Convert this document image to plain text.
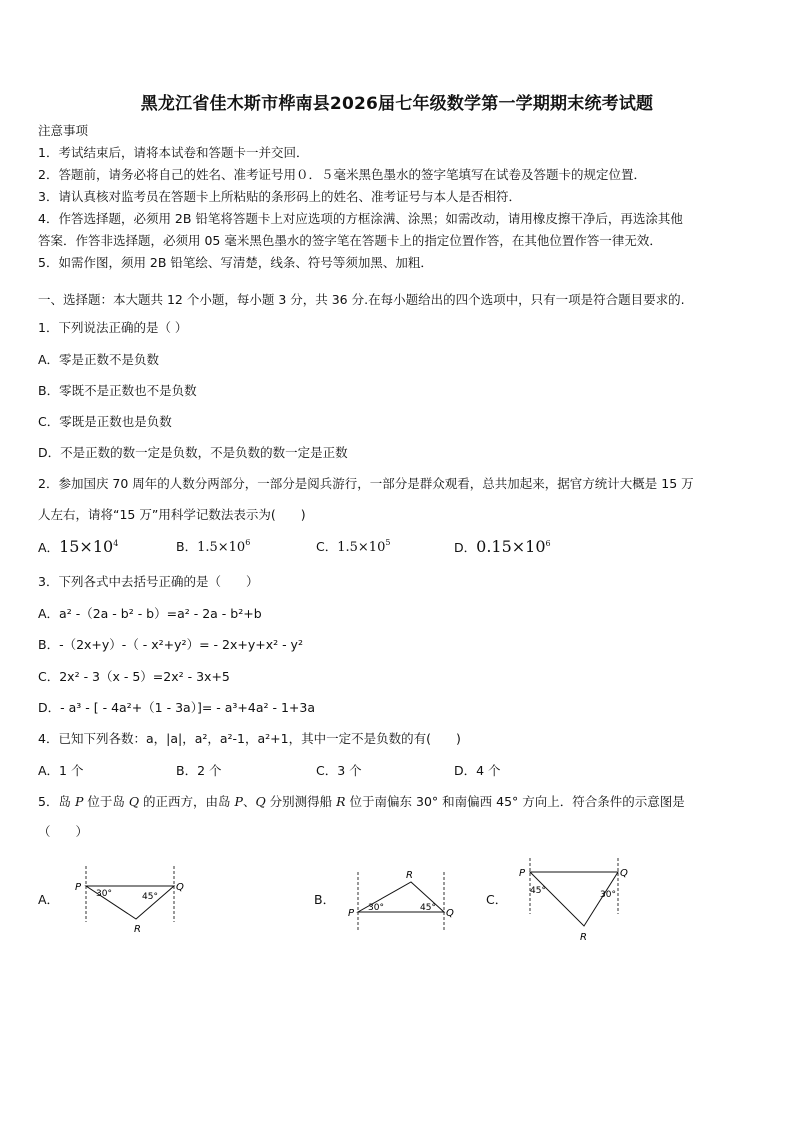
黑龙江省佳木斯市桦南县2026届七年级数学第一学期期末统考试题
注意事项
1．考试结束后，请将本试卷和答题卡一并交回．
2．答题前，请务必将自己的姓名、准考证号用０．５毫米黑色墨水的签字笔填写在试卷及答题卡的规定位置．
3．请认真核对监考员在答题卡上所粘贴的条形码上的姓名、准考证号与本人是否相符．
4．作答选择题，必须用 2B 铅笔将答题卡上对应选项的方框涂满、涂黑；如需改动，请用橡皮擦干净后，再选涂其他
答案．作答非选择题，必须用 05 毫米黑色墨水的签字笔在答题卡上的指定位置作答，在其他位置作答一律无效．
5．如需作图，须用 2B 铅笔绘、写清楚，线条、符号等须加黑、加粗．
一、选择题：本大题共 12 个小题，每小题 3 分，共 36 分.在每小题给出的四个选项中，只有一项是符合题目要求的.
1．下列说法正确的是（ ）
A．零是正数不是负数
B．零既不是正数也不是负数
C．零既是正数也是负数
D．不是正数的数一定是负数，不是负数的数一定是正数
2．参加国庆 70 周年的人数分两部分，一部分是阅兵游行，一部分是群众观看，总共加起来，据官方统计大概是 15 万
人左右，请将“15 万”用科学记数法表示为(　　)
A．$15\times 10^4$	B．$1.5\times 10^6$	C．$1.5\times 10^5$	D．$0.15\times 10^6$
3．下列各式中去括号正确的是（　　）
A．a² -（2a - b² - b）=a² - 2a - b²+b
B．-（2x+y）-（ - x²+y²）= - 2x+y+x² - y²
C．2x² - 3（x - 5）=2x² - 3x+5
D．- a³ - [ - 4a²+（1 - 3a）]= - a³+4a² - 1+3a
4．已知下列各数：a，|a|，a²，a²-1，a²+1，其中一定不是负数的有(　　)
A．1 个	B．2 个	C．3 个	D．4 个
5．岛 P 位于岛 Q 的正西方，由岛 P、Q 分别测得船 R 位于南偏东 30° 和南偏西 45° 方向上．符合条件的示意图是
（　　）
A．	B．	C．
P	Q
R
30°	45°
P	Q
R
30°	45°
P	Q
R
45°	30°
